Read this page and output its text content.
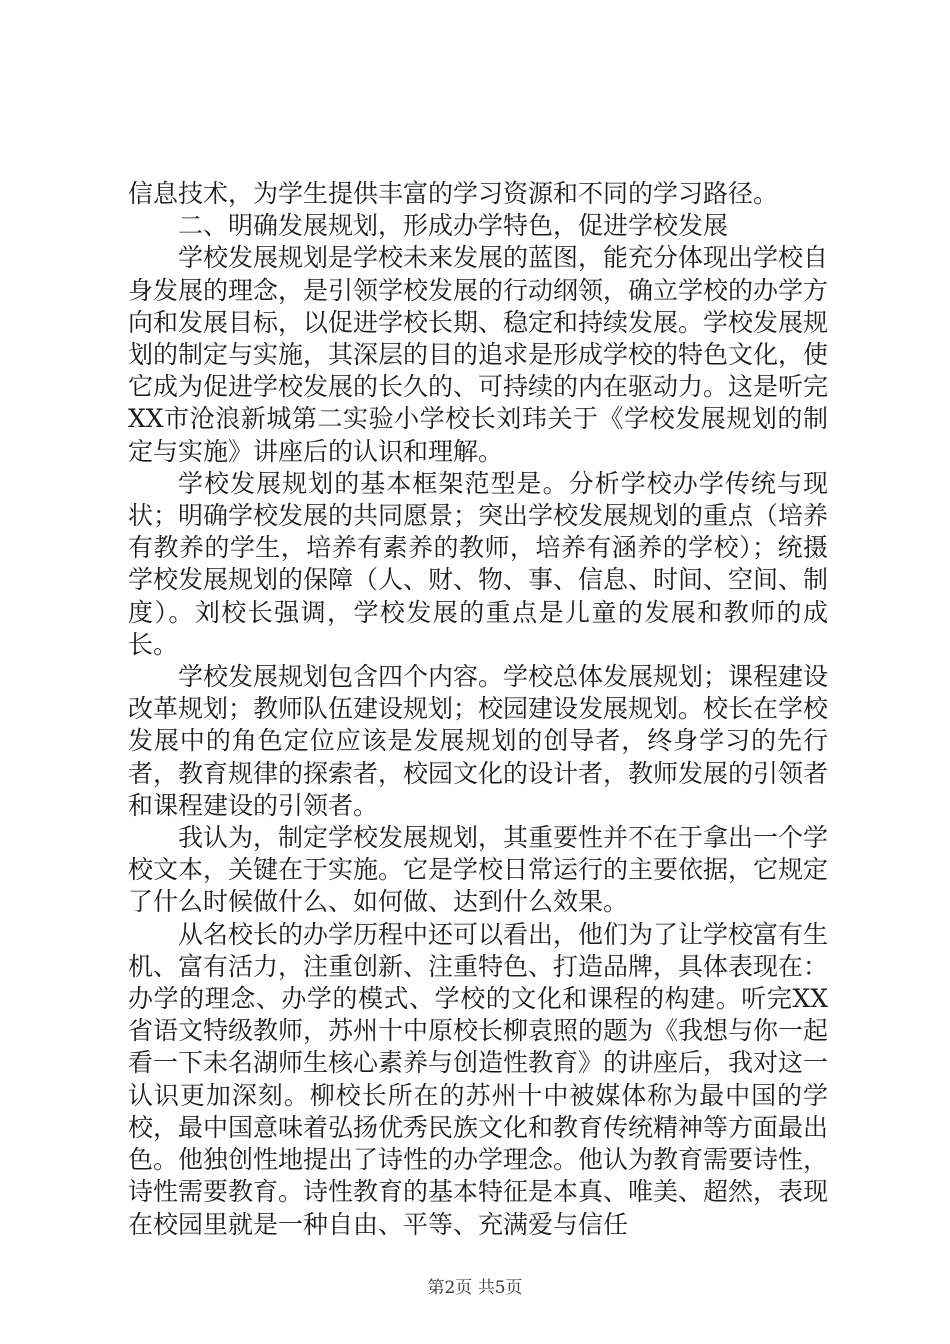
信息技术，为学生提供丰富的学习资源和不同的学习路径。

二、明确发展规划，形成办学特色，促进学校发展

学校发展规划是学校未来发展的蓝图，能充分体现出学校自身发展的理念，是引领学校发展的行动纲领，确立学校的办学方向和发展目标，以促进学校长期、稳定和持续发展。学校发展规划的制定与实施，其深层的目的追求是形成学校的特色文化，使它成为促进学校发展的长久的、可持续的内在驱动力。这是听完XX市沧浪新城第二实验小学校长刘玮关于《学校发展规划的制定与实施》讲座后的认识和理解。

学校发展规划的基本框架范型是。分析学校办学传统与现状；明确学校发展的共同愿景；突出学校发展规划的重点（培养有教养的学生，培养有素养的教师，培养有涵养的学校）；统摄学校发展规划的保障（人、财、物、事、信息、时间、空间、制度）。刘校长强调，学校发展的重点是儿童的发展和教师的成长。

学校发展规划包含四个内容。学校总体发展规划；课程建设改革规划；教师队伍建设规划；校园建设发展规划。校长在学校发展中的角色定位应该是发展规划的创导者，终身学习的先行者，教育规律的探索者，校园文化的设计者，教师发展的引领者和课程建设的引领者。

我认为，制定学校发展规划，其重要性并不在于拿出一个学校文本，关键在于实施。它是学校日常运行的主要依据，它规定了什么时候做什么、如何做、达到什么效果。

从名校长的办学历程中还可以看出，他们为了让学校富有生机、富有活力，注重创新、注重特色、打造品牌，具体表现在：办学的理念、办学的模式、学校的文化和课程的构建。听完XX省语文特级教师，苏州十中原校长柳袁照的题为《我想与你一起看一下未名湖师生核心素养与创造性教育》的讲座后，我对这一认识更加深刻。柳校长所在的苏州十中被媒体称为最中国的学校，最中国意味着弘扬优秀民族文化和教育传统精神等方面最出色。他独创性地提出了诗性的办学理念。他认为教育需要诗性，诗性需要教育。诗性教育的基本特征是本真、唯美、超然，表现在校园里就是一种自由、平等、充满爱与信任

第2页 共5页
